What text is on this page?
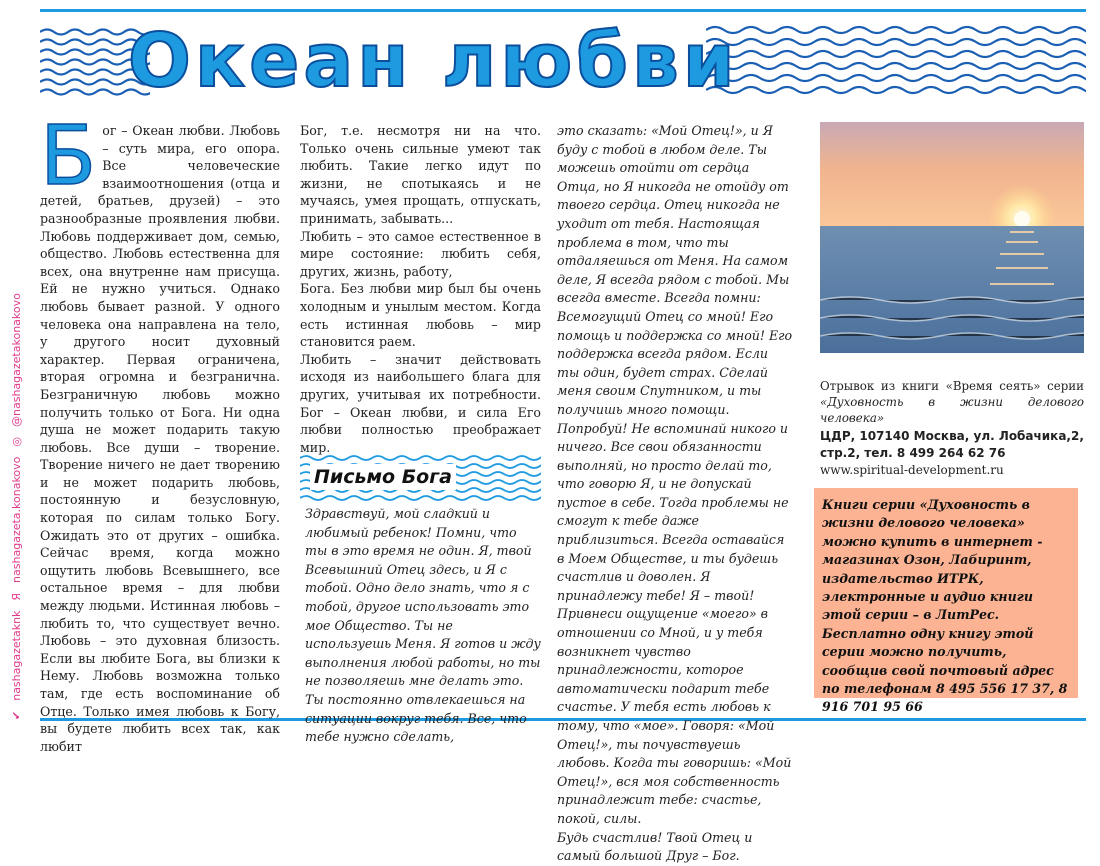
Океан любви
✔
nashagazetaknk
Я
nashagazeta.konakovo
◎
@nashagazetakonakovo
Б ог – Океан любви. Любовь – суть мира, его опора. Все человеческие взаимоотношения (отца и детей, братьев, друзей) – это разнообразные проявления любви. Любовь поддерживает дом, семью, общество. Любовь естественна для всех, она внутренне нам присуща. Ей не нужно учиться. Однако любовь бывает разной. У одного человека она направлена на тело, у другого носит духовный характер. Первая ограничена, вторая огромна и безгранична. Безграничную любовь можно получить только от Бога. Ни одна душа не может подарить такую любовь. Все души – творение. Творение ничего не дает творению и не может подарить любовь, постоянную и безусловную, которая по силам только Богу. Ожидать это от других – ошибка. Сейчас время, когда можно ощутить любовь Всевышнего, все остальное время – для любви между людьми. Истинная любовь – любить то, что существует вечно. Любовь – это духовная близость. Если вы любите Бога, вы близки к Нему. Любовь возможна только там, где есть воспоминание об Отце. Только имея любовь к Богу, вы будете любить всех так, как любит

Бог, т.е. несмотря ни на что. Только очень сильные умеют так любить. Такие легко идут по жизни, не спотыкаясь и не мучаясь, умея прощать, отпускать, принимать, забывать...

Любить – это самое естественное в мире состояние: любить себя, других, жизнь, работу,

Бога. Без любви мир был бы очень холодным и унылым местом. Когда есть истинная любовь – мир становится раем.

Любить – значит действовать исходя из наибольшего блага для других, учитывая их потребности. Бог – Океан любви, и сила Его любви полностью преображает мир.

Письмо Бога
Здравствуй, мой сладкий и любимый ребенок! Помни, что ты в это время не один. Я, твой Всевышний Отец здесь, и Я с тобой. Одно дело знать, что я с тобой, другое использовать это мое Общество. Ты не используешь Меня. Я готов и жду выполнения любой работы, но ты не позволяешь мне делать это. Ты постоянно отвлекаешься на ситуации вокруг тебя. Все, что тебе нужно сделать,

это сказать: «Мой Отец!», и Я буду с тобой в любом деле. Ты можешь отойти от сердца Отца, но Я никогда не отойду от твоего сердца. Отец никогда не уходит от тебя. Настоящая проблема в том, что ты отдаляешься от Меня. На самом деле, Я всегда рядом с тобой. Мы всегда вместе. Всегда помни: Всемогущий Отец со мной! Его помощь и поддержка со мной! Его поддержка всегда рядом. Если ты один, будет страх. Сделай меня своим Спутником, и ты получишь много помощи. Попробуй! Не вспоминай никого и ничего. Все свои обязанности выполняй, но просто делай то, что говорю Я, и не допускай пустое в себе. Тогда проблемы не смогут к тебе даже приблизиться. Всегда оставайся в Моем Обществе, и ты будешь счастлив и доволен. Я принадлежу тебе! Я – твой! Привнеси ощущение «моего» в отношении со Мной, и у тебя возникнет чувство принадлежности, которое автоматически подарит тебе счастье. У тебя есть любовь к тому, что «мое». Говоря: «Мой Отец!», ты почувствуешь любовь. Когда ты говоришь: «Мой Отец!», вся моя собственность принадлежит тебе: счастье, покой, силы.

Будь счастлив! Твой Отец и самый большой Друг – Бог.

Отрывок из книги «Время сеять» серии «Духовность в жизни делового человека»

ЦДР, 107140 Москва, ул. Лобачика,2, стр.2, тел. 8 499 264 62 76

www.spiritual-development.ru

Книги серии «Духовность в жизни делового человека» можно купить в интернет - магазинах Озон, Лабиринт, издательство ИТРК, электронные и аудио книги этой серии – в ЛитРес.

Бесплатно одну книгу этой серии можно получить, сообщив свой почтовый адрес по телефонам 8 495 556 17 37, 8 916 701 95 66
